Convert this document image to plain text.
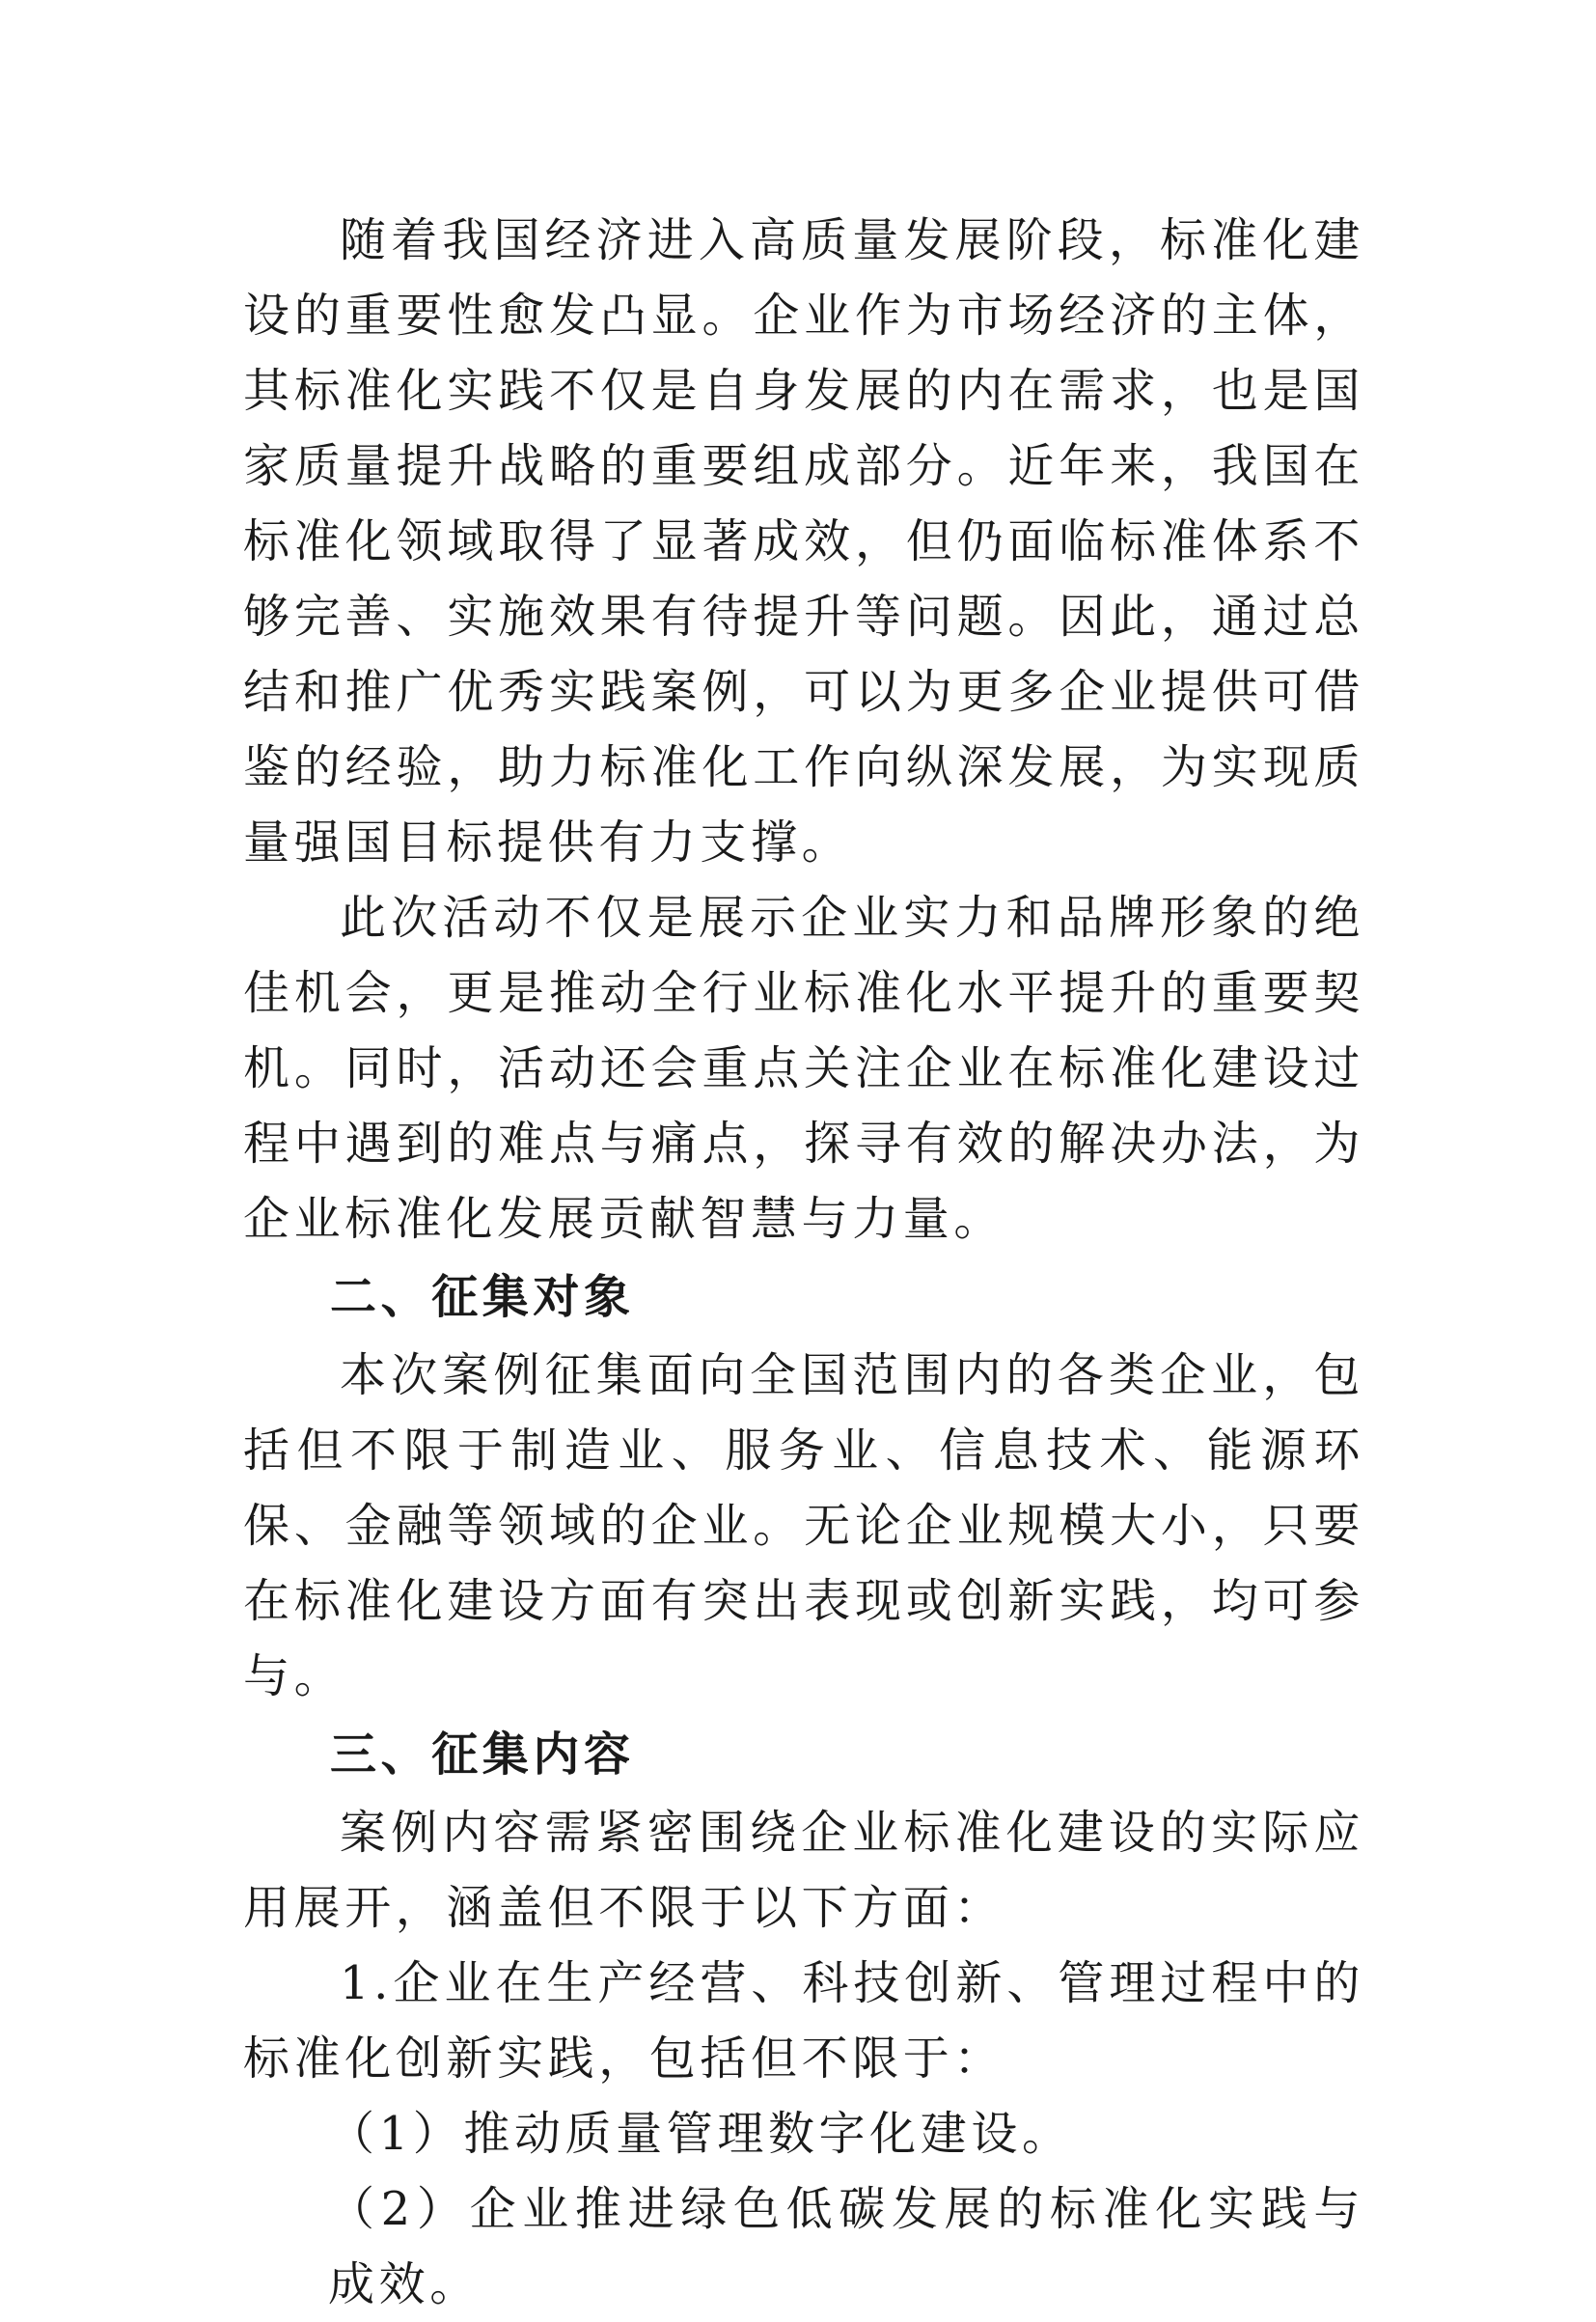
随着我国经济进入高质量发展阶段，标准化建设的重要性愈发凸显。企业作为市场经济的主体，其标准化实践不仅是自身发展的内在需求，也是国家质量提升战略的重要组成部分。近年来，我国在标准化领域取得了显著成效，但仍面临标准体系不够完善、实施效果有待提升等问题。因此，通过总结和推广优秀实践案例，可以为更多企业提供可借鉴的经验，助力标准化工作向纵深发展，为实现质量强国目标提供有力支撑。

此次活动不仅是展示企业实力和品牌形象的绝佳机会，更是推动全行业标准化水平提升的重要契机。同时，活动还会重点关注企业在标准化建设过程中遇到的难点与痛点，探寻有效的解决办法，为企业标准化发展贡献智慧与力量。

二、征集对象

本次案例征集面向全国范围内的各类企业，包括但不限于制造业、服务业、信息技术、能源环保、金融等领域的企业。无论企业规模大小，只要在标准化建设方面有突出表现或创新实践，均可参与。

三、征集内容

案例内容需紧密围绕企业标准化建设的实际应用展开，涵盖但不限于以下方面：

1.企业在生产经营、科技创新、管理过程中的标准化创新实践，包括但不限于：

（1）推动质量管理数字化建设。

（2）企业推进绿色低碳发展的标准化实践与成效。
